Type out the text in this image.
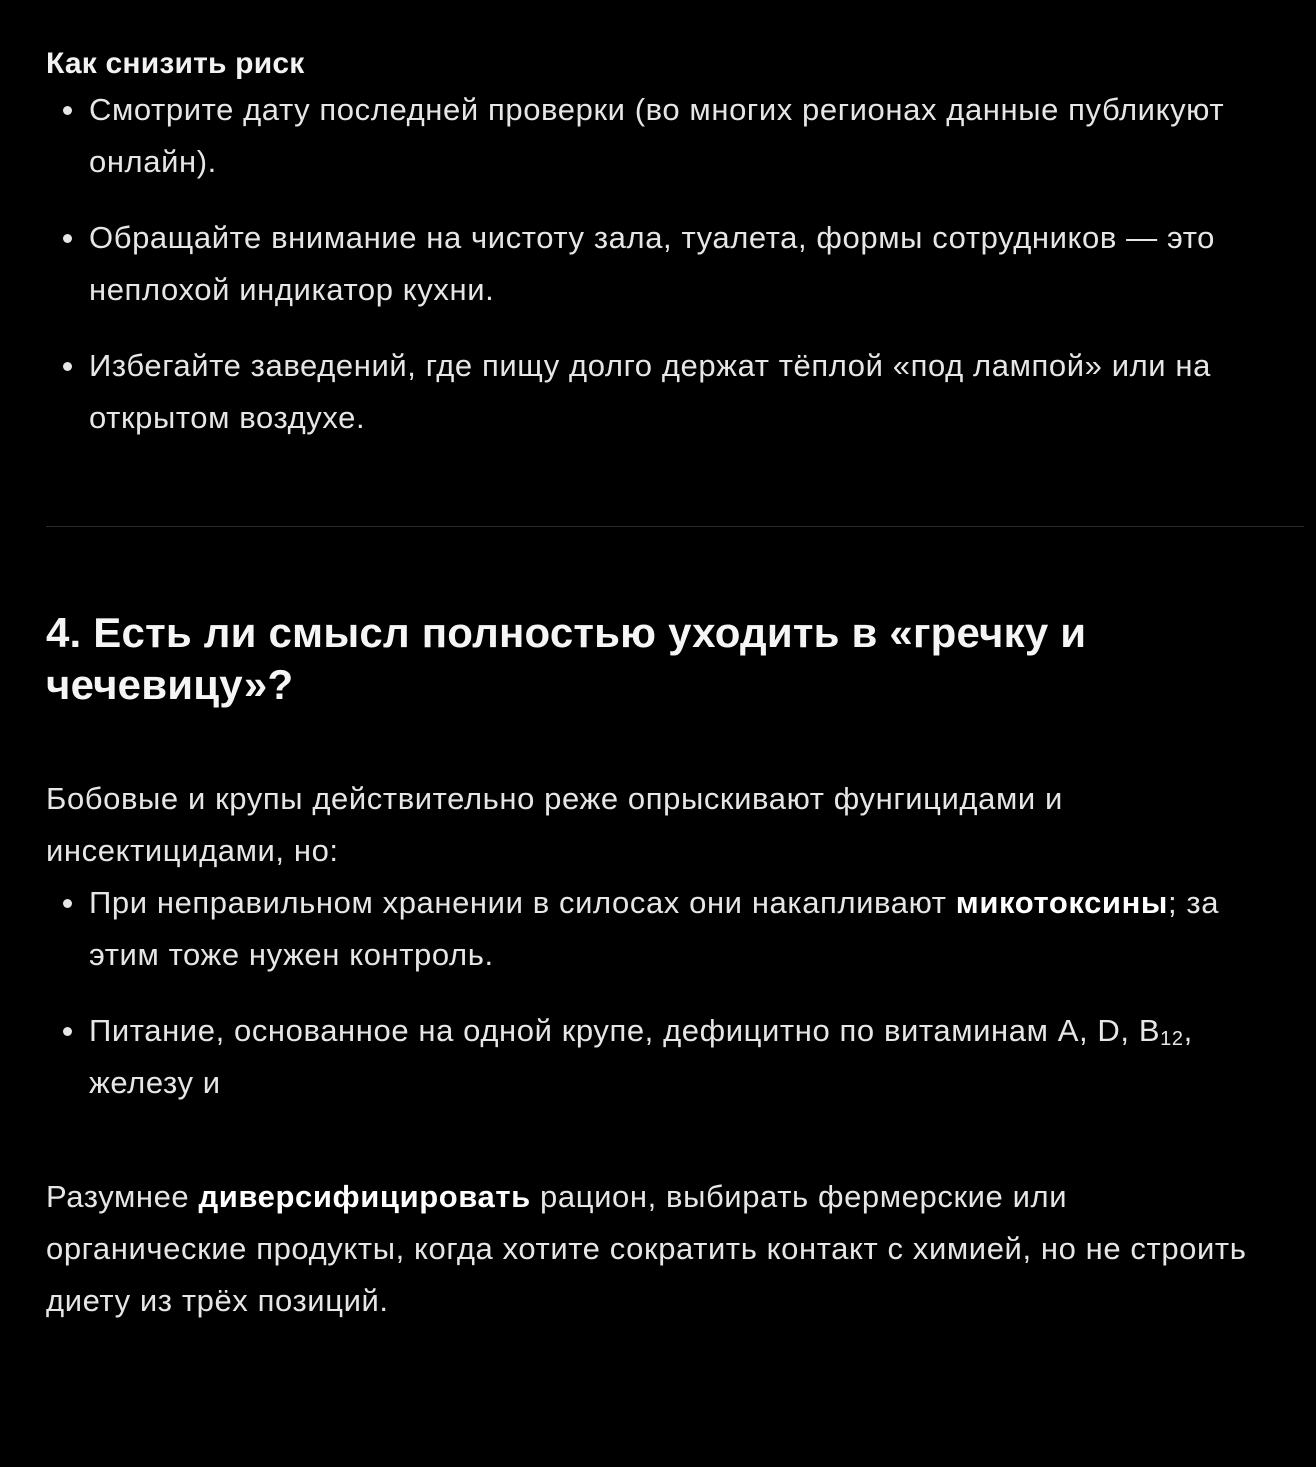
Как снизить риск
Смотрите дату последней проверки (во многих регионах данные публикуют онлайн).
Обращайте внимание на чистоту зала, туалета, формы сотрудников — это неплохой индикатор кухни.
Избегайте заведений, где пищу долго держат тёплой «под лампой» или на открытом воздухе.
4. Есть ли смысл полностью уходить в «гречку и чечевицу»?

Бобовые и крупы действительно реже опрыскивают фунгицидами и инсектицидами, но:

При неправильном хранении в силосах они накапливают микотоксины; за этим тоже нужен контроль.
Питание, основанное на одной крупе, дефицитно по витаминам A, D, $B_{12}$, железу и

Разумнее диверсифицировать рацион, выбирать фермерские или органические продукты, когда хотите сократить контакт с химией, но не строить диету из трёх позиций.
